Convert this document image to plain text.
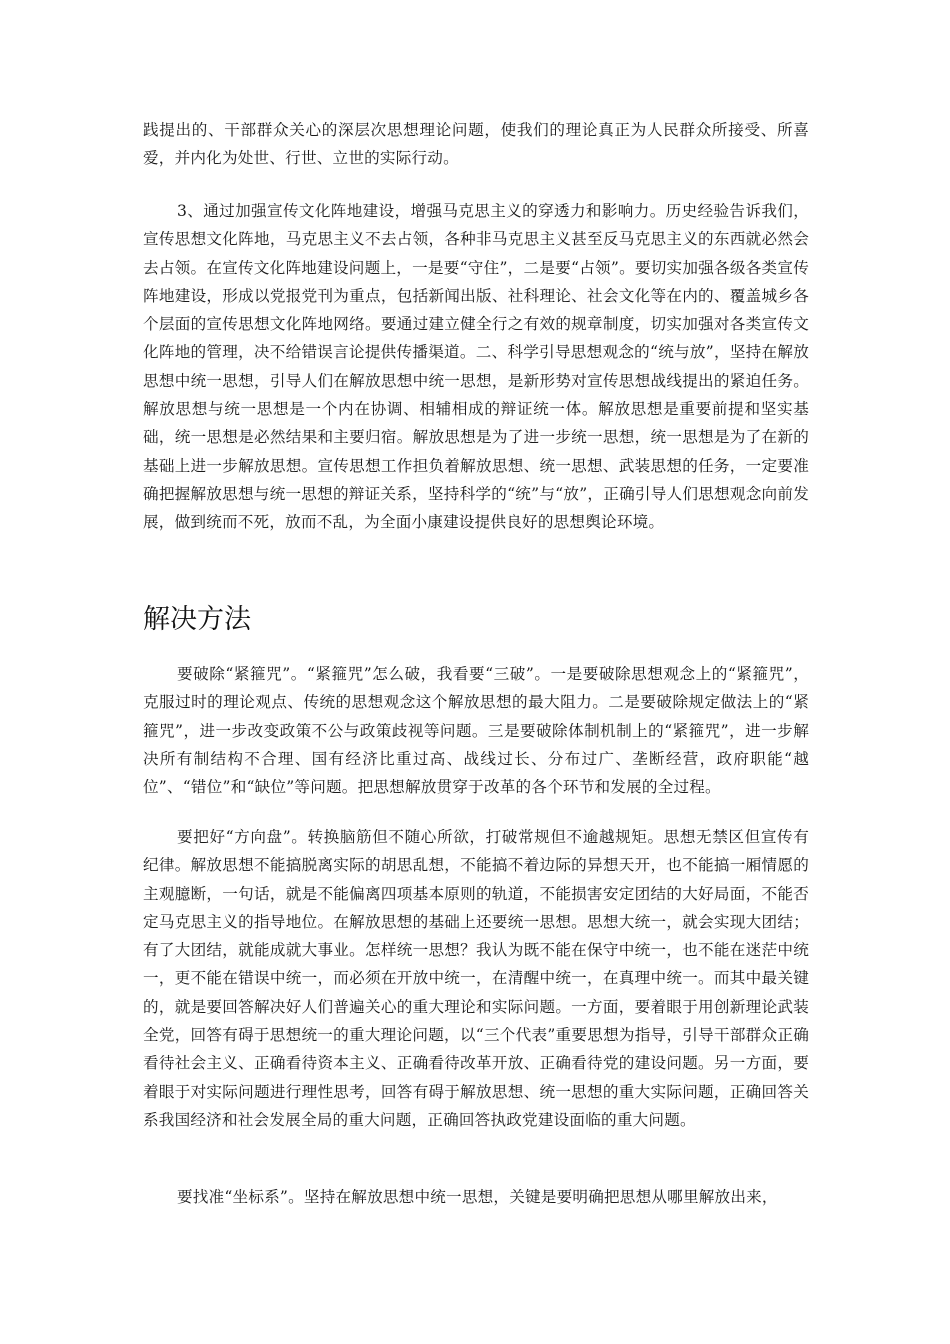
践提出的、干部群众关心的深层次思想理论问题，使我们的理论真正为人民群众所接受、所喜爱，并内化为处世、行世、立世的实际行动。

3、通过加强宣传文化阵地建设，增强马克思主义的穿透力和影响力。历史经验告诉我们，宣传思想文化阵地，马克思主义不去占领，各种非马克思主义甚至反马克思主义的东西就必然会去占领。在宣传文化阵地建设问题上，一是要“守住”，二是要“占领”。要切实加强各级各类宣传阵地建设，形成以党报党刊为重点，包括新闻出版、社科理论、社会文化等在内的、覆盖城乡各个层面的宣传思想文化阵地网络。要通过建立健全行之有效的规章制度，切实加强对各类宣传文化阵地的管理，决不给错误言论提供传播渠道。二、科学引导思想观念的“统与放”，坚持在解放思想中统一思想，引导人们在解放思想中统一思想，是新形势对宣传思想战线提出的紧迫任务。解放思想与统一思想是一个内在协调、相辅相成的辩证统一体。解放思想是重要前提和坚实基础，统一思想是必然结果和主要归宿。解放思想是为了进一步统一思想，统一思想是为了在新的基础上进一步解放思想。宣传思想工作担负着解放思想、统一思想、武装思想的任务，一定要准确把握解放思想与统一思想的辩证关系，坚持科学的“统”与“放”，正确引导人们思想观念向前发展，做到统而不死，放而不乱，为全面小康建设提供良好的思想舆论环境。

解决方法

要破除“紧箍咒”。“紧箍咒”怎么破，我看要“三破”。一是要破除思想观念上的“紧箍咒”，克服过时的理论观点、传统的思想观念这个解放思想的最大阻力。二是要破除规定做法上的“紧箍咒”，进一步改变政策不公与政策歧视等问题。三是要破除体制机制上的“紧箍咒”，进一步解决所有制结构不合理、国有经济比重过高、战线过长、分布过广、垄断经营，政府职能“越位”、“错位”和“缺位”等问题。把思想解放贯穿于改革的各个环节和发展的全过程。

要把好“方向盘”。转换脑筋但不随心所欲，打破常规但不逾越规矩。思想无禁区但宣传有纪律。解放思想不能搞脱离实际的胡思乱想，不能搞不着边际的异想天开，也不能搞一厢情愿的主观臆断，一句话，就是不能偏离四项基本原则的轨道，不能损害安定团结的大好局面，不能否定马克思主义的指导地位。在解放思想的基础上还要统一思想。思想大统一，就会实现大团结；有了大团结，就能成就大事业。怎样统一思想？我认为既不能在保守中统一，也不能在迷茫中统一，更不能在错误中统一，而必须在开放中统一，在清醒中统一，在真理中统一。而其中最关键的，就是要回答解决好人们普遍关心的重大理论和实际问题。一方面，要着眼于用创新理论武装全党，回答有碍于思想统一的重大理论问题，以“三个代表”重要思想为指导，引导干部群众正确看待社会主义、正确看待资本主义、正确看待改革开放、正确看待党的建设问题。另一方面，要着眼于对实际问题进行理性思考，回答有碍于解放思想、统一思想的重大实际问题，正确回答关系我国经济和社会发展全局的重大问题，正确回答执政党建设面临的重大问题。

要找准“坐标系”。坚持在解放思想中统一思想，关键是要明确把思想从哪里解放出来，
